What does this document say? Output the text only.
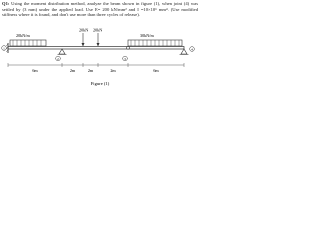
Q1: Using the moment distribution method, analyze the beam shown in figure (1), when joint (4) was settled by (3 mm) under the applied load. Use E= 200 kN/mm² and I =10×10⁶ mm⁴. (Use modified stiffness where it is found, and don't use more than three cycles of release).
20kN/m	30kN/m
20kN 20kN
1
2	3
4
6m	2m	2m	2m	6m
Figure (1)
